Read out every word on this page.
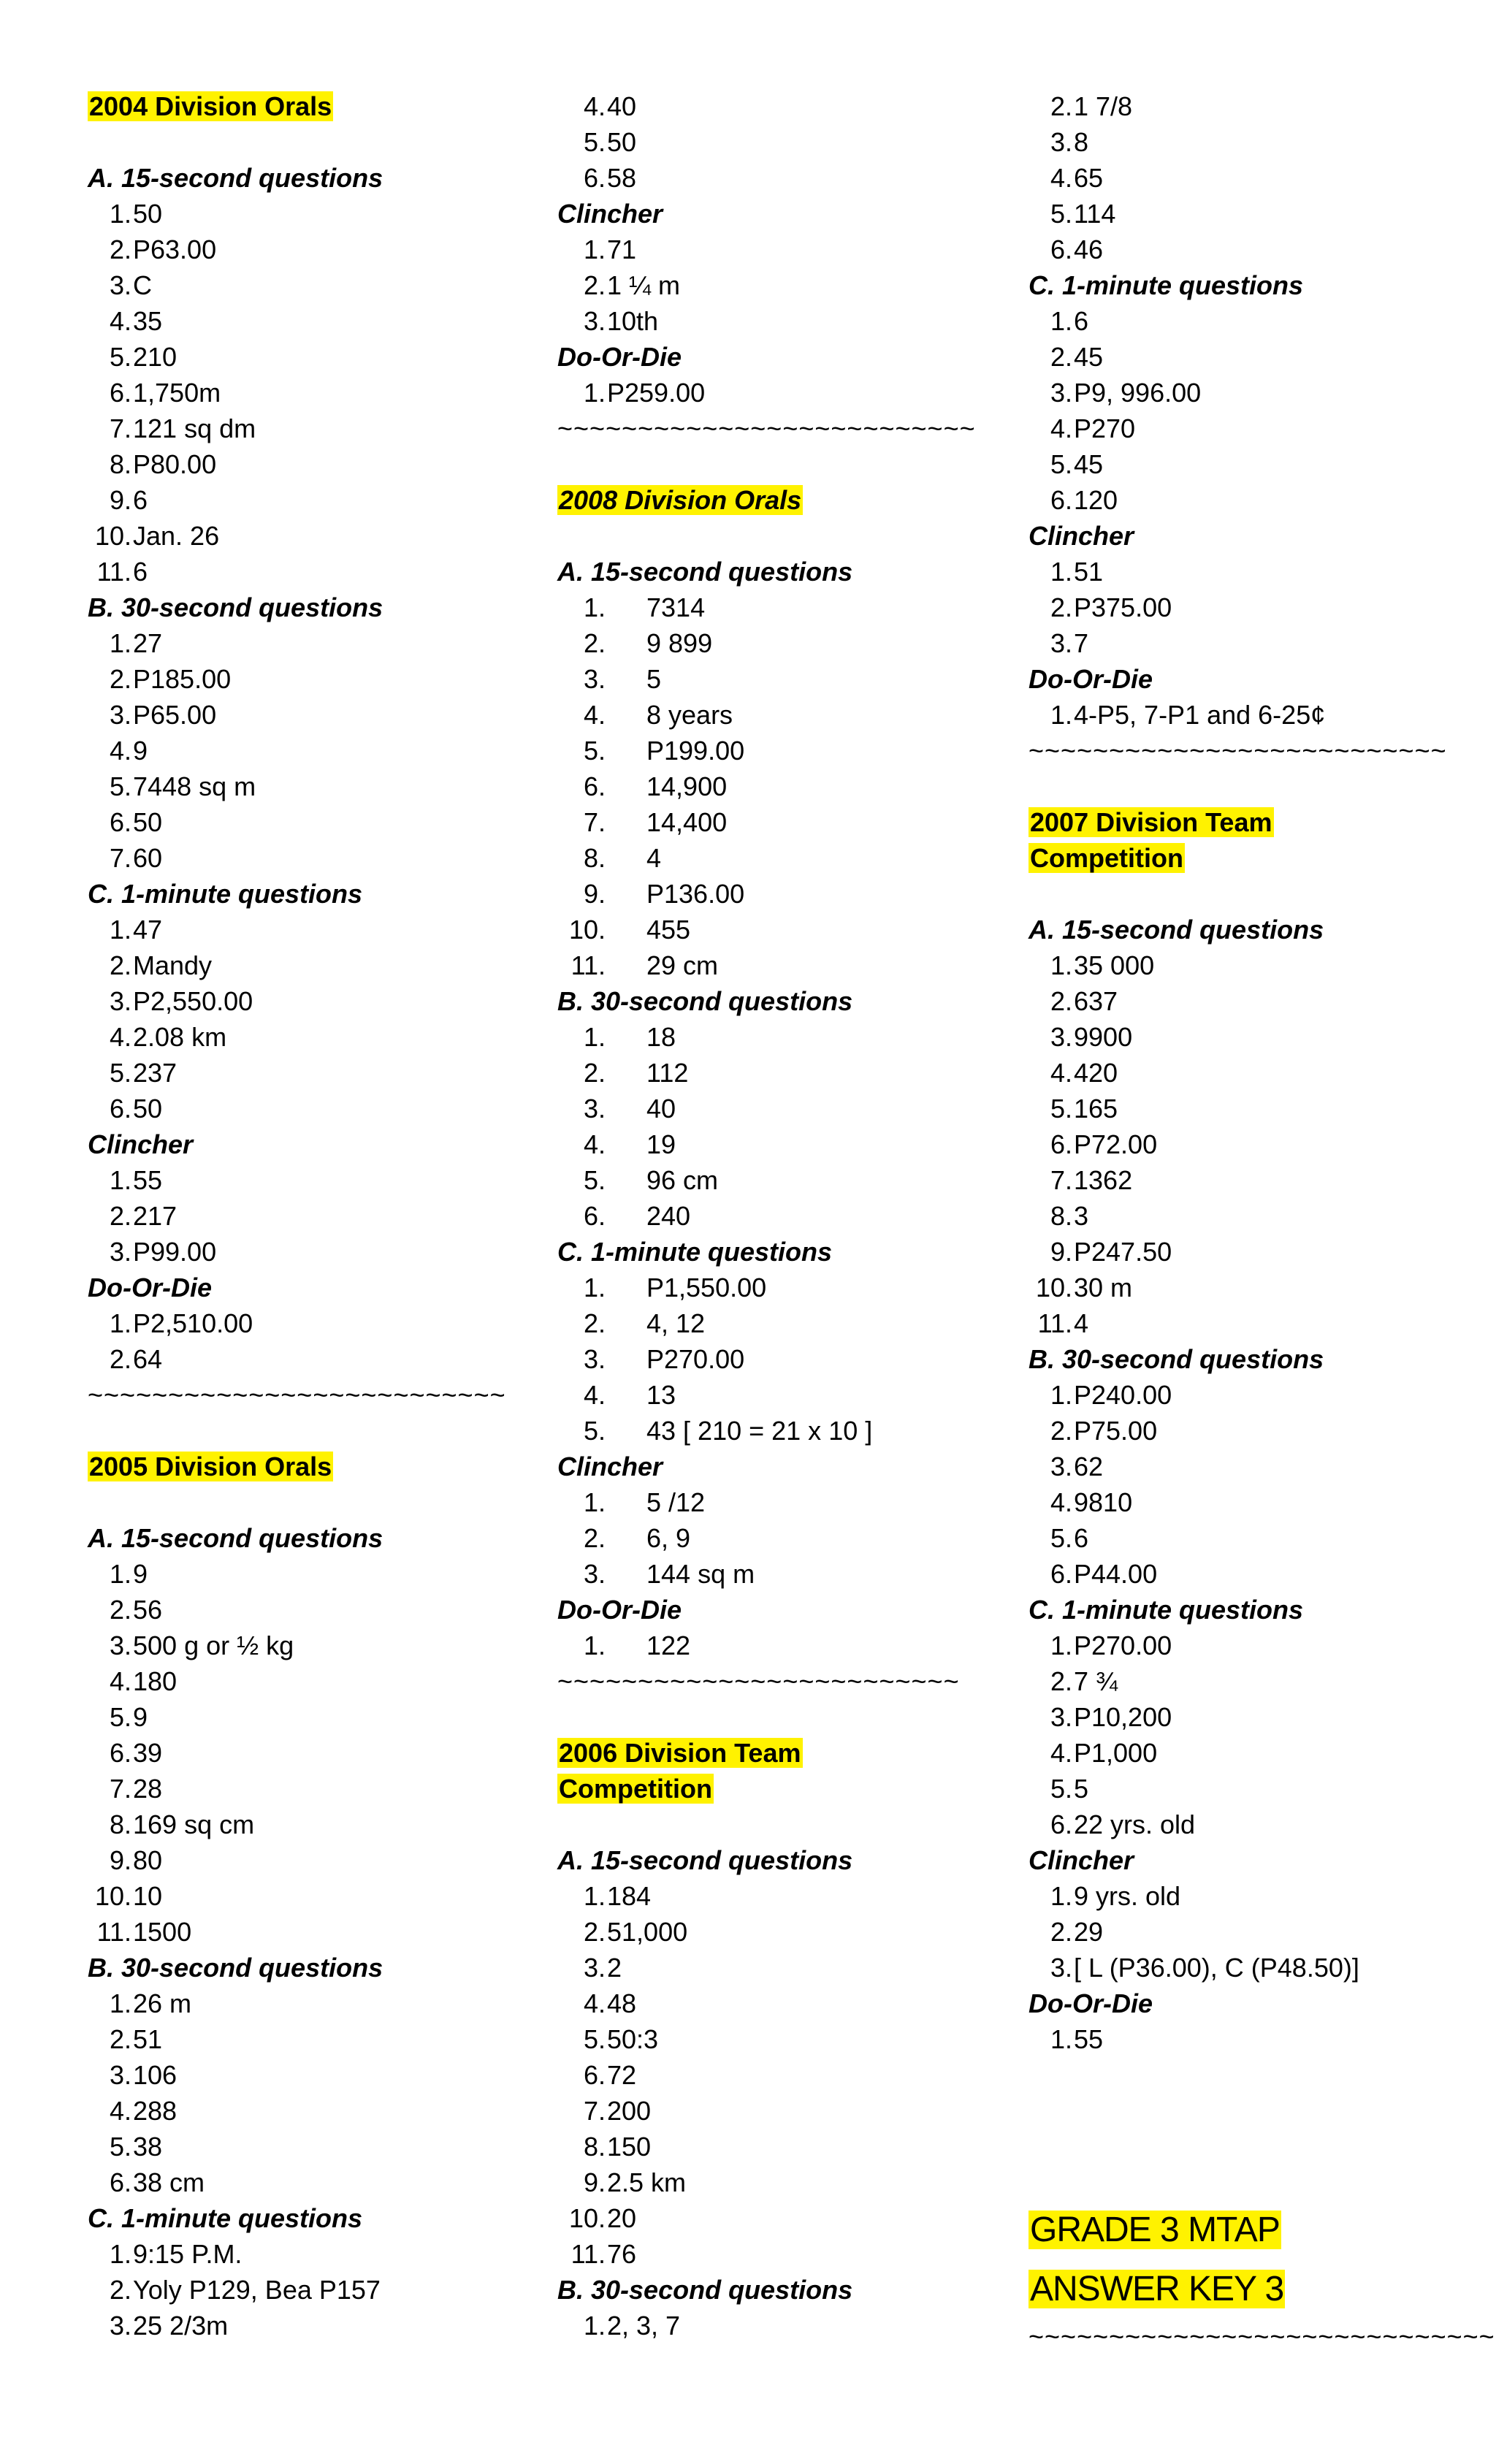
2004 Division Orals
A. 15-second questions
1. 50
2. P63.00
3. C
4. 35
5. 210
6. 1,750m
7. 121 sq dm
8. P80.00
9. 6
10. Jan. 26
11. 6
B. 30-second questions
1. 27
2. P185.00
3. P65.00
4. 9
5. 7448 sq m
6. 50
7. 60
C. 1-minute questions
1. 47
2. Mandy
3. P2,550.00
4. 2.08 km
5. 237
6. 50
Clincher
1. 55
2. 217
3. P99.00
Do-Or-Die
1. P2,510.00
2. 64
~~~~~~~~~~~~~~~~~~~~~~~~~~
2005 Division Orals
A. 15-second questions
1. 9
2. 56
3. 500 g or ½ kg
4. 180
5. 9
6. 39
7. 28
8. 169 sq cm
9. 80
10. 10
11. 1500
B. 30-second questions
1. 26 m
2. 51
3. 106
4. 288
5. 38
6. 38 cm
C. 1-minute questions
1. 9:15 P.M.
2. Yoly P129, Bea P157
3. 25 2/3m
4. 40
5. 50
6. 58
Clincher
1. 71
2. 1 ¼ m
3. 10th
Do-Or-Die
1. P259.00
~~~~~~~~~~~~~~~~~~~~~~~~~~
2008 Division Orals
A. 15-second questions
1. 7314
2. 9 899
3. 5
4. 8 years
5. P199.00
6. 14,900
7. 14,400
8. 4
9. P136.00
10. 455
11. 29 cm
B. 30-second questions
1. 18
2. 112
3. 40
4. 19
5. 96 cm
6. 240
C. 1-minute questions
1. P1,550.00
2. 4, 12
3. P270.00
4. 13
5. 43 [ 210 = 21 x 10 ]
Clincher
1. 5 /12
2. 6, 9
3. 144 sq m
Do-Or-Die
1. 122
~~~~~~~~~~~~~~~~~~~~~~~~~
2006 Division Team
Competition
A. 15-second questions
1. 184
2. 51,000
3. 2
4. 48
5. 50:3
6. 72
7. 200
8. 150
9. 2.5 km
10. 20
11. 76
B. 30-second questions
1. 2, 3, 7
2. 1 7/8
3. 8
4. 65
5. 114
6. 46
C. 1-minute questions
1. 6
2. 45
3. P9, 996.00
4. P270
5. 45
6. 120
Clincher
1. 51
2. P375.00
3. 7
Do-Or-Die
1. 4-P5, 7-P1 and 6-25¢
~~~~~~~~~~~~~~~~~~~~~~~~~~
2007 Division Team
Competition
A. 15-second questions
1. 35 000
2. 637
3. 9900
4. 420
5. 165
6. P72.00
7. 1362
8. 3
9. P247.50
10. 30 m
11. 4
B. 30-second questions
1. P240.00
2. P75.00
3. 62
4. 9810
5. 6
6. P44.00
C. 1-minute questions
1. P270.00
2. 7 ¾
3. P10,200
4. P1,000
5. 5
6. 22 yrs. old
Clincher
1. 9 yrs. old
2. 29
3. [ L (P36.00), C (P48.50)]
Do-Or-Die
1. 55
GRADE 3 MTAP
ANSWER KEY 3
~~~~~~~~~~~~~~~~~~~~~~~~~~~~~
